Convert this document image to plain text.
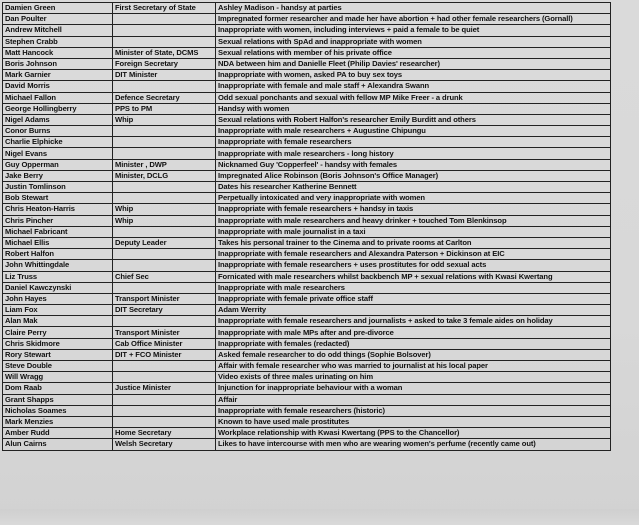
Damien Green	First Secretary of State	Ashley Madison - handsy at parties
Dan Poulter		Impregnated former researcher and made her have abortion + had other female researchers (Gornall)
Andrew Mitchell		Inappropriate with women, including interviews + paid a female to be quiet
Stephen Crabb		Sexual relations with SpAd and inappropriate with women
Matt Hancock	Minister of State, DCMS	Sexual relations with member of his private office
Boris Johnson	Foreign Secretary	NDA between him and Danielle Fleet (Philip Davies' researcher)
Mark Garnier	DIT Minister	Inappropriate with women, asked PA to buy sex toys
David Morris		Inappropriate with female and male staff + Alexandra Swann
Michael Fallon	Defence Secretary	Odd sexual ponchants and sexual with fellow MP Mike Freer - a drunk
George Hollingberry	PPS to PM	Handsy with women
Nigel Adams	Whip	Sexual relations with Robert Halfon's researcher Emily Burditt and others
Conor Burns		Inappropriate with male researchers + Augustine Chipungu
Charlie Elphicke		Inappropriate with female researchers
Nigel Evans		Inappropriate with male researchers - long history
Guy Opperman	Minister , DWP	Nicknamed Guy 'Copperfeel' - handsy with females
Jake Berry	Minister, DCLG	Impregnated Alice Robinson (Boris Johnson's Office Manager)
Justin Tomlinson		Dates his researcher Katherine Bennett
Bob Stewart		Perpetually intoxicated and very inappropriate with women
Chris Heaton-Harris	Whip	Inappropriate with female researchers + handsy in taxis
Chris Pincher	Whip	Inappropriate with male researchers and heavy drinker + touched Tom Blenkinsop
Michael Fabricant		Inappropriate with male journalist in a taxi
Michael Ellis	Deputy Leader	Takes his personal trainer to the Cinema and to private rooms at Carlton
Robert Halfon		Inappropriate with female researchers and Alexandra Paterson + Dickinson at EIC
John Whittingdale		Inappropriate with female researchers + uses prostitutes for odd sexual acts
Liz Truss	Chief Sec	Fornicated with male researchers whilst backbench MP + sexual relations with Kwasi Kwertang
Daniel Kawczynski		Inappropriate with male researchers
John Hayes	Transport Minister	Inappropriate with female private office staff
Liam Fox	DIT Secretary	Adam Werrity
Alan Mak		Inappropriate with female researchers and journalists + asked to take 3 female aides on holiday
Claire Perry	Transport Minister	Inappropriate with male MPs after and pre-divorce
Chris Skidmore	Cab Office Minister	Inappropriate with females (redacted)
Rory Stewart	DIT + FCO Minister	Asked female researcher to do odd things (Sophie Bolsover)
Steve Double		Affair with female researcher who was married to journalist at his local paper
Will Wragg		Video exists of three males urinating on him
Dom Raab	Justice Minister	Injunction for inappropriate behaviour with a woman
Grant Shapps		Affair
Nicholas Soames		Inappropriate with female researchers (historic)
Mark Menzies		Known to have used male prostitutes
Amber Rudd	Home Secretary	Workplace relationship with Kwasi Kwertang (PPS to the Chancellor)
Alun Cairns	Welsh Secretary	Likes to have intercourse with men who are wearing women's perfume (recently came out)
